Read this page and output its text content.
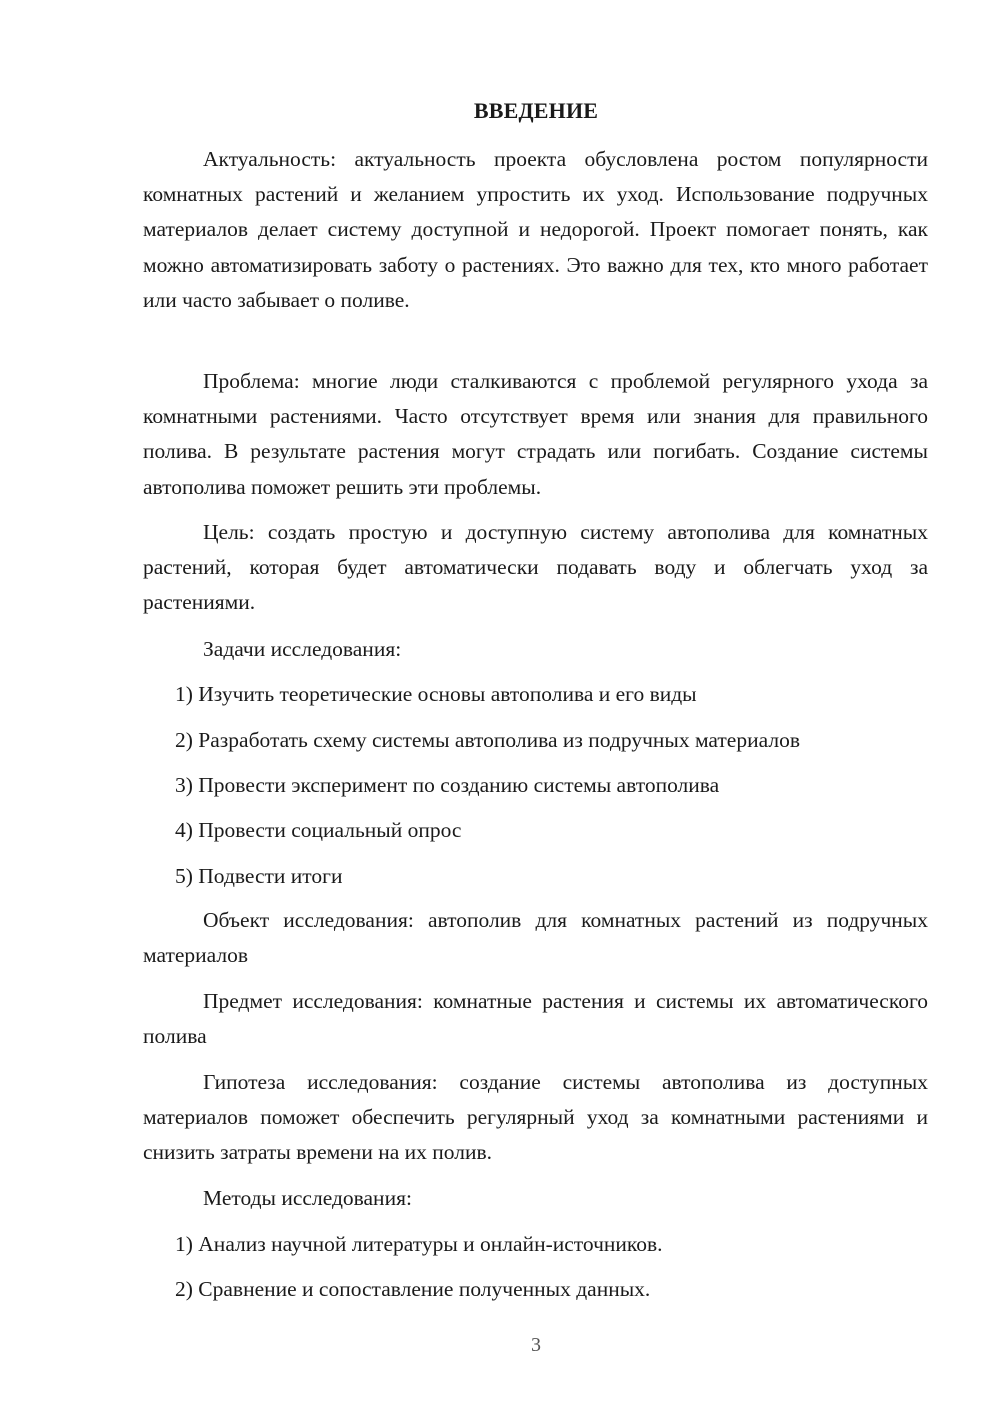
ВВЕДЕНИЕ

Актуальность: актуальность проекта обусловлена ростом популярности комнатных растений и желанием упростить их уход. Использование подручных материалов делает систему доступной и недорогой. Проект помогает понять, как можно автоматизировать заботу о растениях. Это важно для тех, кто много работает или часто забывает о поливе.

Проблема: многие люди сталкиваются с проблемой регулярного ухода за комнатными растениями. Часто отсутствует время или знания для правильного полива. В результате растения могут страдать или погибать. Создание системы автополива поможет решить эти проблемы.

Цель: создать простую и доступную систему автополива для комнатных растений, которая будет автоматически подавать воду и облегчать уход за растениями.

Задачи исследования:
1) Изучить теоретические основы автополива и его виды
2) Разработать схему системы автополива из подручных материалов
3) Провести эксперимент по созданию системы автополива
4) Провести социальный опрос
5) Подвести итоги

Объект исследования: автополив для комнатных растений из подручных материалов

Предмет исследования: комнатные растения и системы их автоматического полива

Гипотеза исследования: создание системы автополива из доступных материалов поможет обеспечить регулярный уход за комнатными растениями и снизить затраты времени на их полив.

Методы исследования:
1) Анализ научной литературы и онлайн-источников.
2) Сравнение и сопоставление полученных данных.
3
